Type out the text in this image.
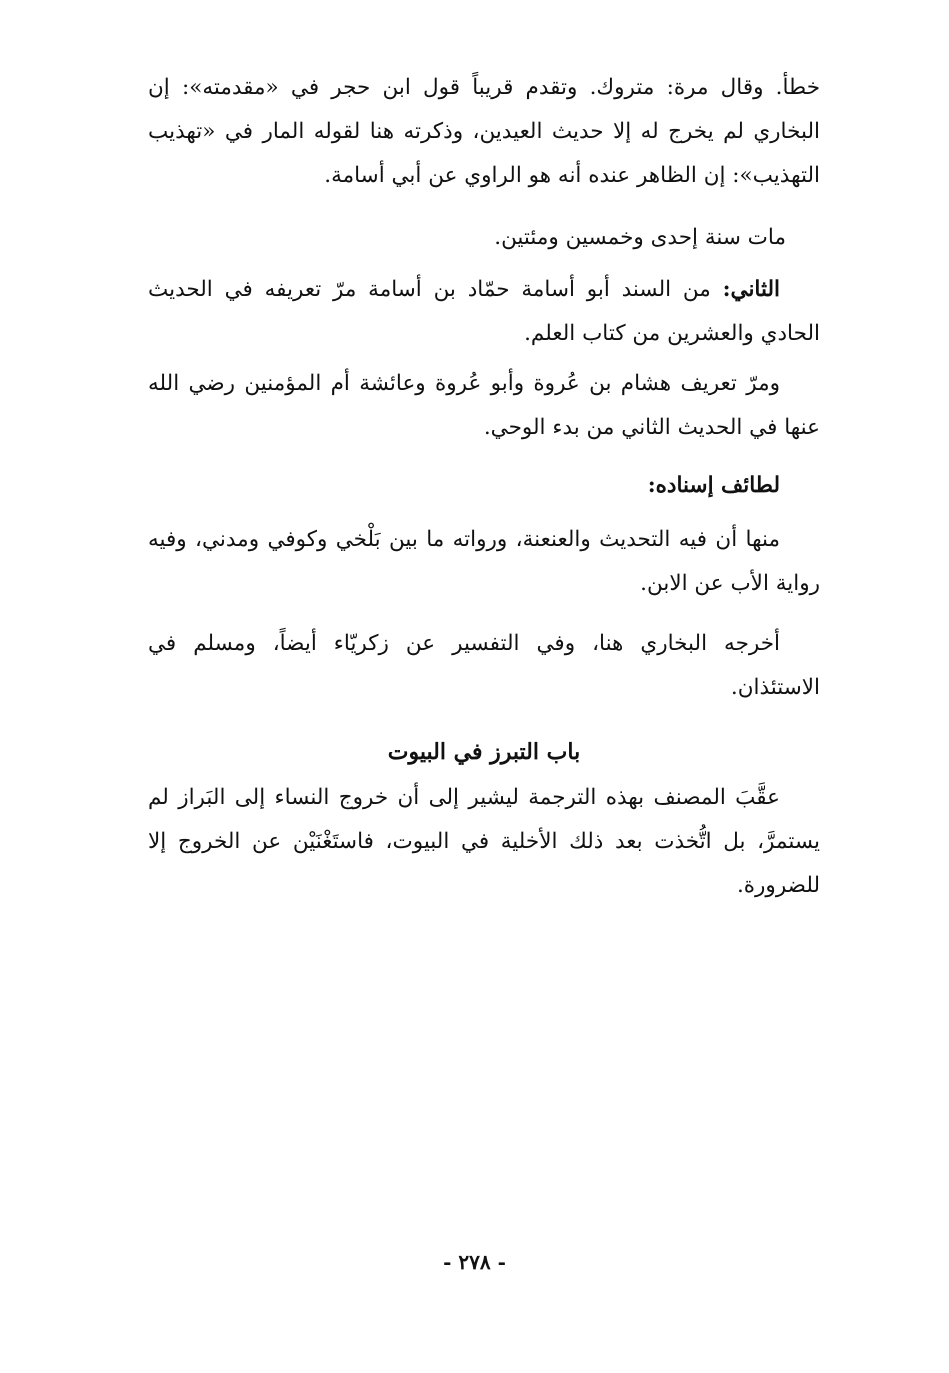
خطأ. وقال مرة: متروك. وتقدم قريباً قول ابن حجر في «مقدمته»: إن البخاري لم يخرج له إلا حديث العيدين، وذكرته هنا لقوله المار في «تهذيب التهذيب»: إن الظاهر عنده أنه هو الراوي عن أبي أسامة.

مات سنة إحدى وخمسين ومئتين.

الثاني: من السند أبو أسامة حمّاد بن أسامة مرّ تعريفه في الحديث الحادي والعشرين من كتاب العلم.

ومرّ تعريف هشام بن عُروة وأبو عُروة وعائشة أم المؤمنين رضي الله عنها في الحديث الثاني من بدء الوحي.

لطائف إسناده:

منها أن فيه التحديث والعنعنة، ورواته ما بين بَلْخي وكوفي ومدني، وفيه رواية الأب عن الابن.

أخرجه البخاري هنا، وفي التفسير عن زكريّاء أيضاً، ومسلم في الاستئذان.

باب التبرز في البيوت

عقَّبَ المصنف بهذه الترجمة ليشير إلى أن خروج النساء إلى البَراز لم يستمرَّ، بل اتُّخذت بعد ذلك الأخلية في البيوت، فاستَغْنَيْن عن الخروج إلا للضرورة.

- ٢٧٨ -
